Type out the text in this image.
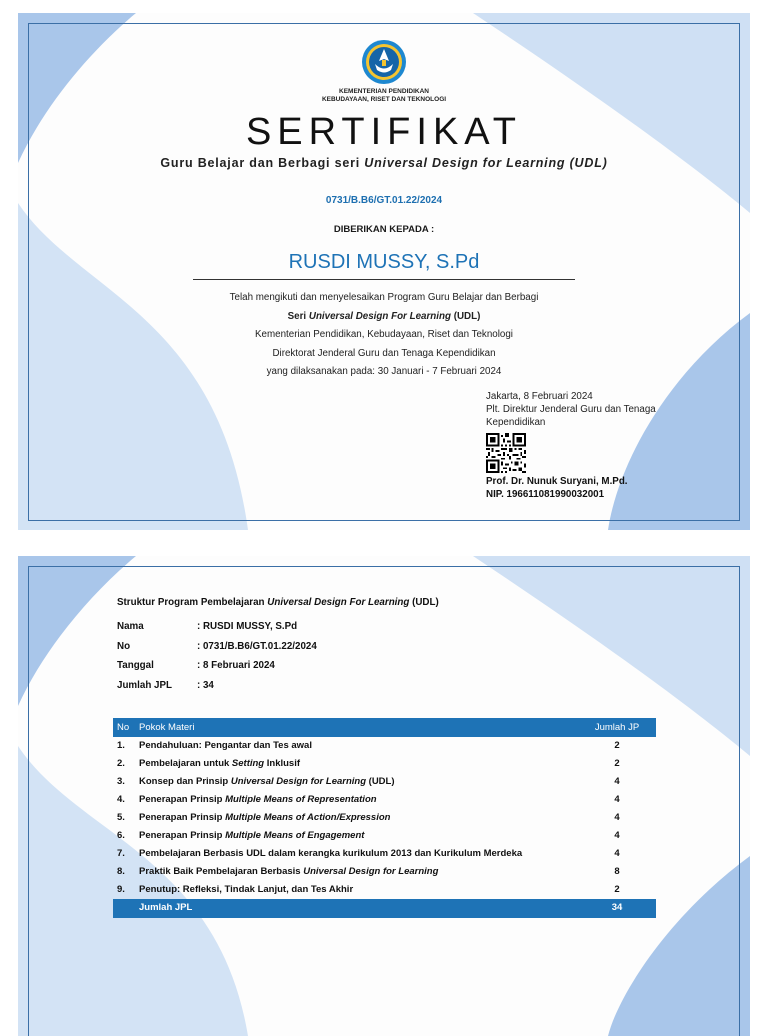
KEMENTERIAN PENDIDIKAN
KEBUDAYAAN, RISET DAN TEKNOLOGI
SERTIFIKAT
Guru Belajar dan Berbagi seri Universal Design for Learning (UDL)
0731/B.B6/GT.01.22/2024
DIBERIKAN KEPADA :
RUSDI MUSSY, S.Pd
Telah mengikuti dan menyelesaikan Program Guru Belajar dan Berbagi
Seri Universal Design For Learning (UDL)
Kementerian Pendidikan, Kebudayaan, Riset dan Teknologi
Direktorat Jenderal Guru dan Tenaga Kependidikan
yang dilaksanakan pada: 30 Januari - 7 Februari 2024
Jakarta, 8 Februari 2024
Plt. Direktur Jenderal Guru dan Tenaga
Kependidikan
Prof. Dr. Nunuk Suryani, M.Pd.
NIP. 196611081990032001
Struktur Program Pembelajaran Universal Design For Learning (UDL)
Nama	: RUSDI MUSSY, S.Pd
No	: 0731/B.B6/GT.01.22/2024
Tanggal	: 8 Februari 2024
Jumlah JPL	: 34
No	Pokok Materi	Jumlah JP
1.	Pendahuluan: Pengantar dan Tes awal	2
2.	Pembelajaran untuk Setting Inklusif	2
3.	Konsep dan Prinsip Universal Design for Learning (UDL)	4
4.	Penerapan Prinsip Multiple Means of Representation	4
5.	Penerapan Prinsip Multiple Means of Action/Expression	4
6.	Penerapan Prinsip Multiple Means of Engagement	4
7.	Pembelajaran Berbasis UDL dalam kerangka kurikulum 2013 dan Kurikulum Merdeka	4
8.	Praktik Baik Pembelajaran Berbasis Universal Design for Learning	8
9.	Penutup: Refleksi, Tindak Lanjut, dan Tes Akhir	2
	Jumlah JPL	34
